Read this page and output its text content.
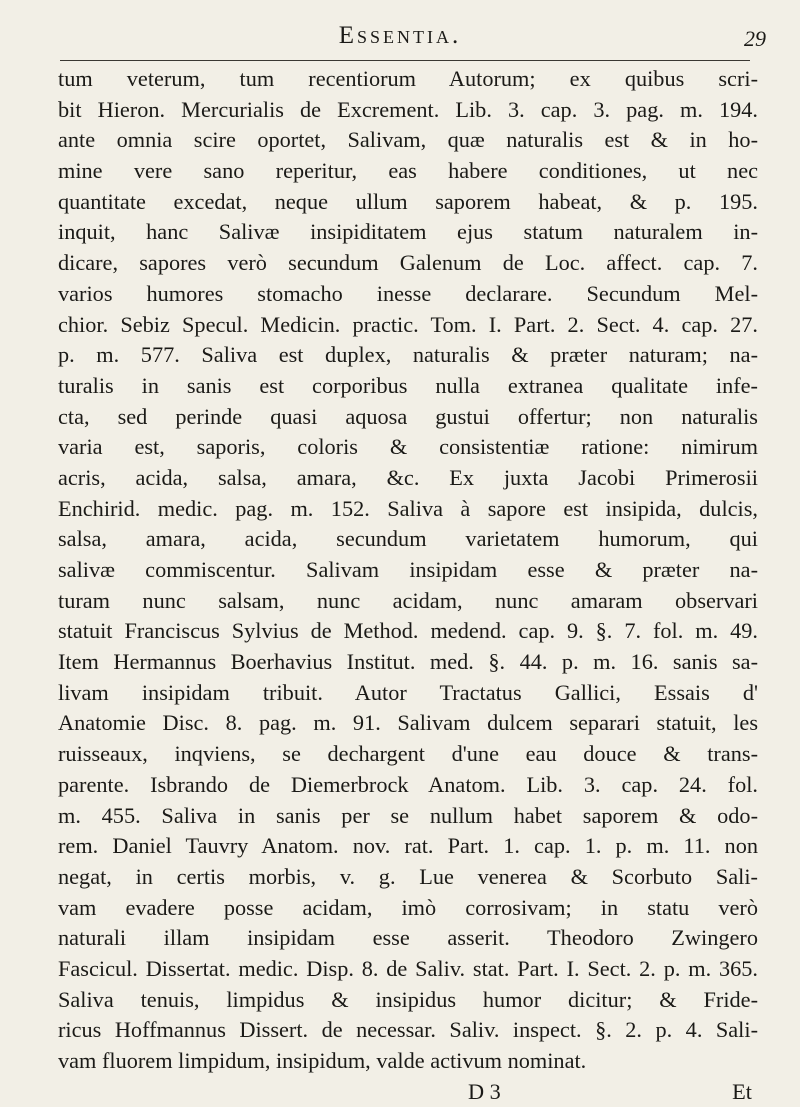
Essentia.	29
tum veterum, tum recentiorum Autorum; ex quibus scri-
bit Hieron. Mercurialis de Excrement. Lib. 3. cap. 3. pag. m. 194.
ante omnia scire oportet, Salivam, quæ naturalis est & in ho-
mine vere sano reperitur, eas habere conditiones, ut nec
quantitate excedat, neque ullum saporem habeat, & p. 195.
inquit, hanc Salivæ insipiditatem ejus statum naturalem in-
dicare, sapores verò secundum Galenum de Loc. affect. cap. 7.
varios humores stomacho inesse declarare. Secundum Mel-
chior. Sebiz Specul. Medicin. practic. Tom. I. Part. 2. Sect. 4. cap. 27.
p. m. 577. Saliva est duplex, naturalis & præter naturam; na-
turalis in sanis est corporibus nulla extranea qualitate infe-
cta, sed perinde quasi aquosa gustui offertur; non naturalis
varia est, saporis, coloris & consistentiæ ratione: nimirum
acris, acida, salsa, amara, &c. Ex juxta Jacobi Primerosii
Enchirid. medic. pag. m. 152. Saliva à sapore est insipida, dulcis,
salsa, amara, acida, secundum varietatem humorum, qui
salivæ commiscentur. Salivam insipidam esse & præter na-
turam nunc salsam, nunc acidam, nunc amaram observari
statuit Franciscus Sylvius de Method. medend. cap. 9. §. 7. fol. m. 49.
Item Hermannus Boerhavius Institut. med. §. 44. p. m. 16. sanis sa-
livam insipidam tribuit. Autor Tractatus Gallici, Essais d'
Anatomie Disc. 8. pag. m. 91. Salivam dulcem separari statuit, les
ruisseaux, inqviens, se dechargent d'une eau douce & trans-
parente. Isbrando de Diemerbrock Anatom. Lib. 3. cap. 24. fol.
m. 455. Saliva in sanis per se nullum habet saporem & odo-
rem. Daniel Tauvry Anatom. nov. rat. Part. 1. cap. 1. p. m. 11. non
negat, in certis morbis, v. g. Lue venerea & Scorbuto Sali-
vam evadere posse acidam, imò corrosivam; in statu verò
naturali illam insipidam esse asserit. Theodoro Zwingero
Fascicul. Dissertat. medic. Disp. 8. de Saliv. stat. Part. I. Sect. 2. p. m. 365.
Saliva tenuis, limpidus & insipidus humor dicitur; & Fride-
ricus Hoffmannus Dissert. de necessar. Saliv. inspect. §. 2. p. 4. Sali-
vam fluorem limpidum, insipidum, valde activum nominat.
D 3	Et
